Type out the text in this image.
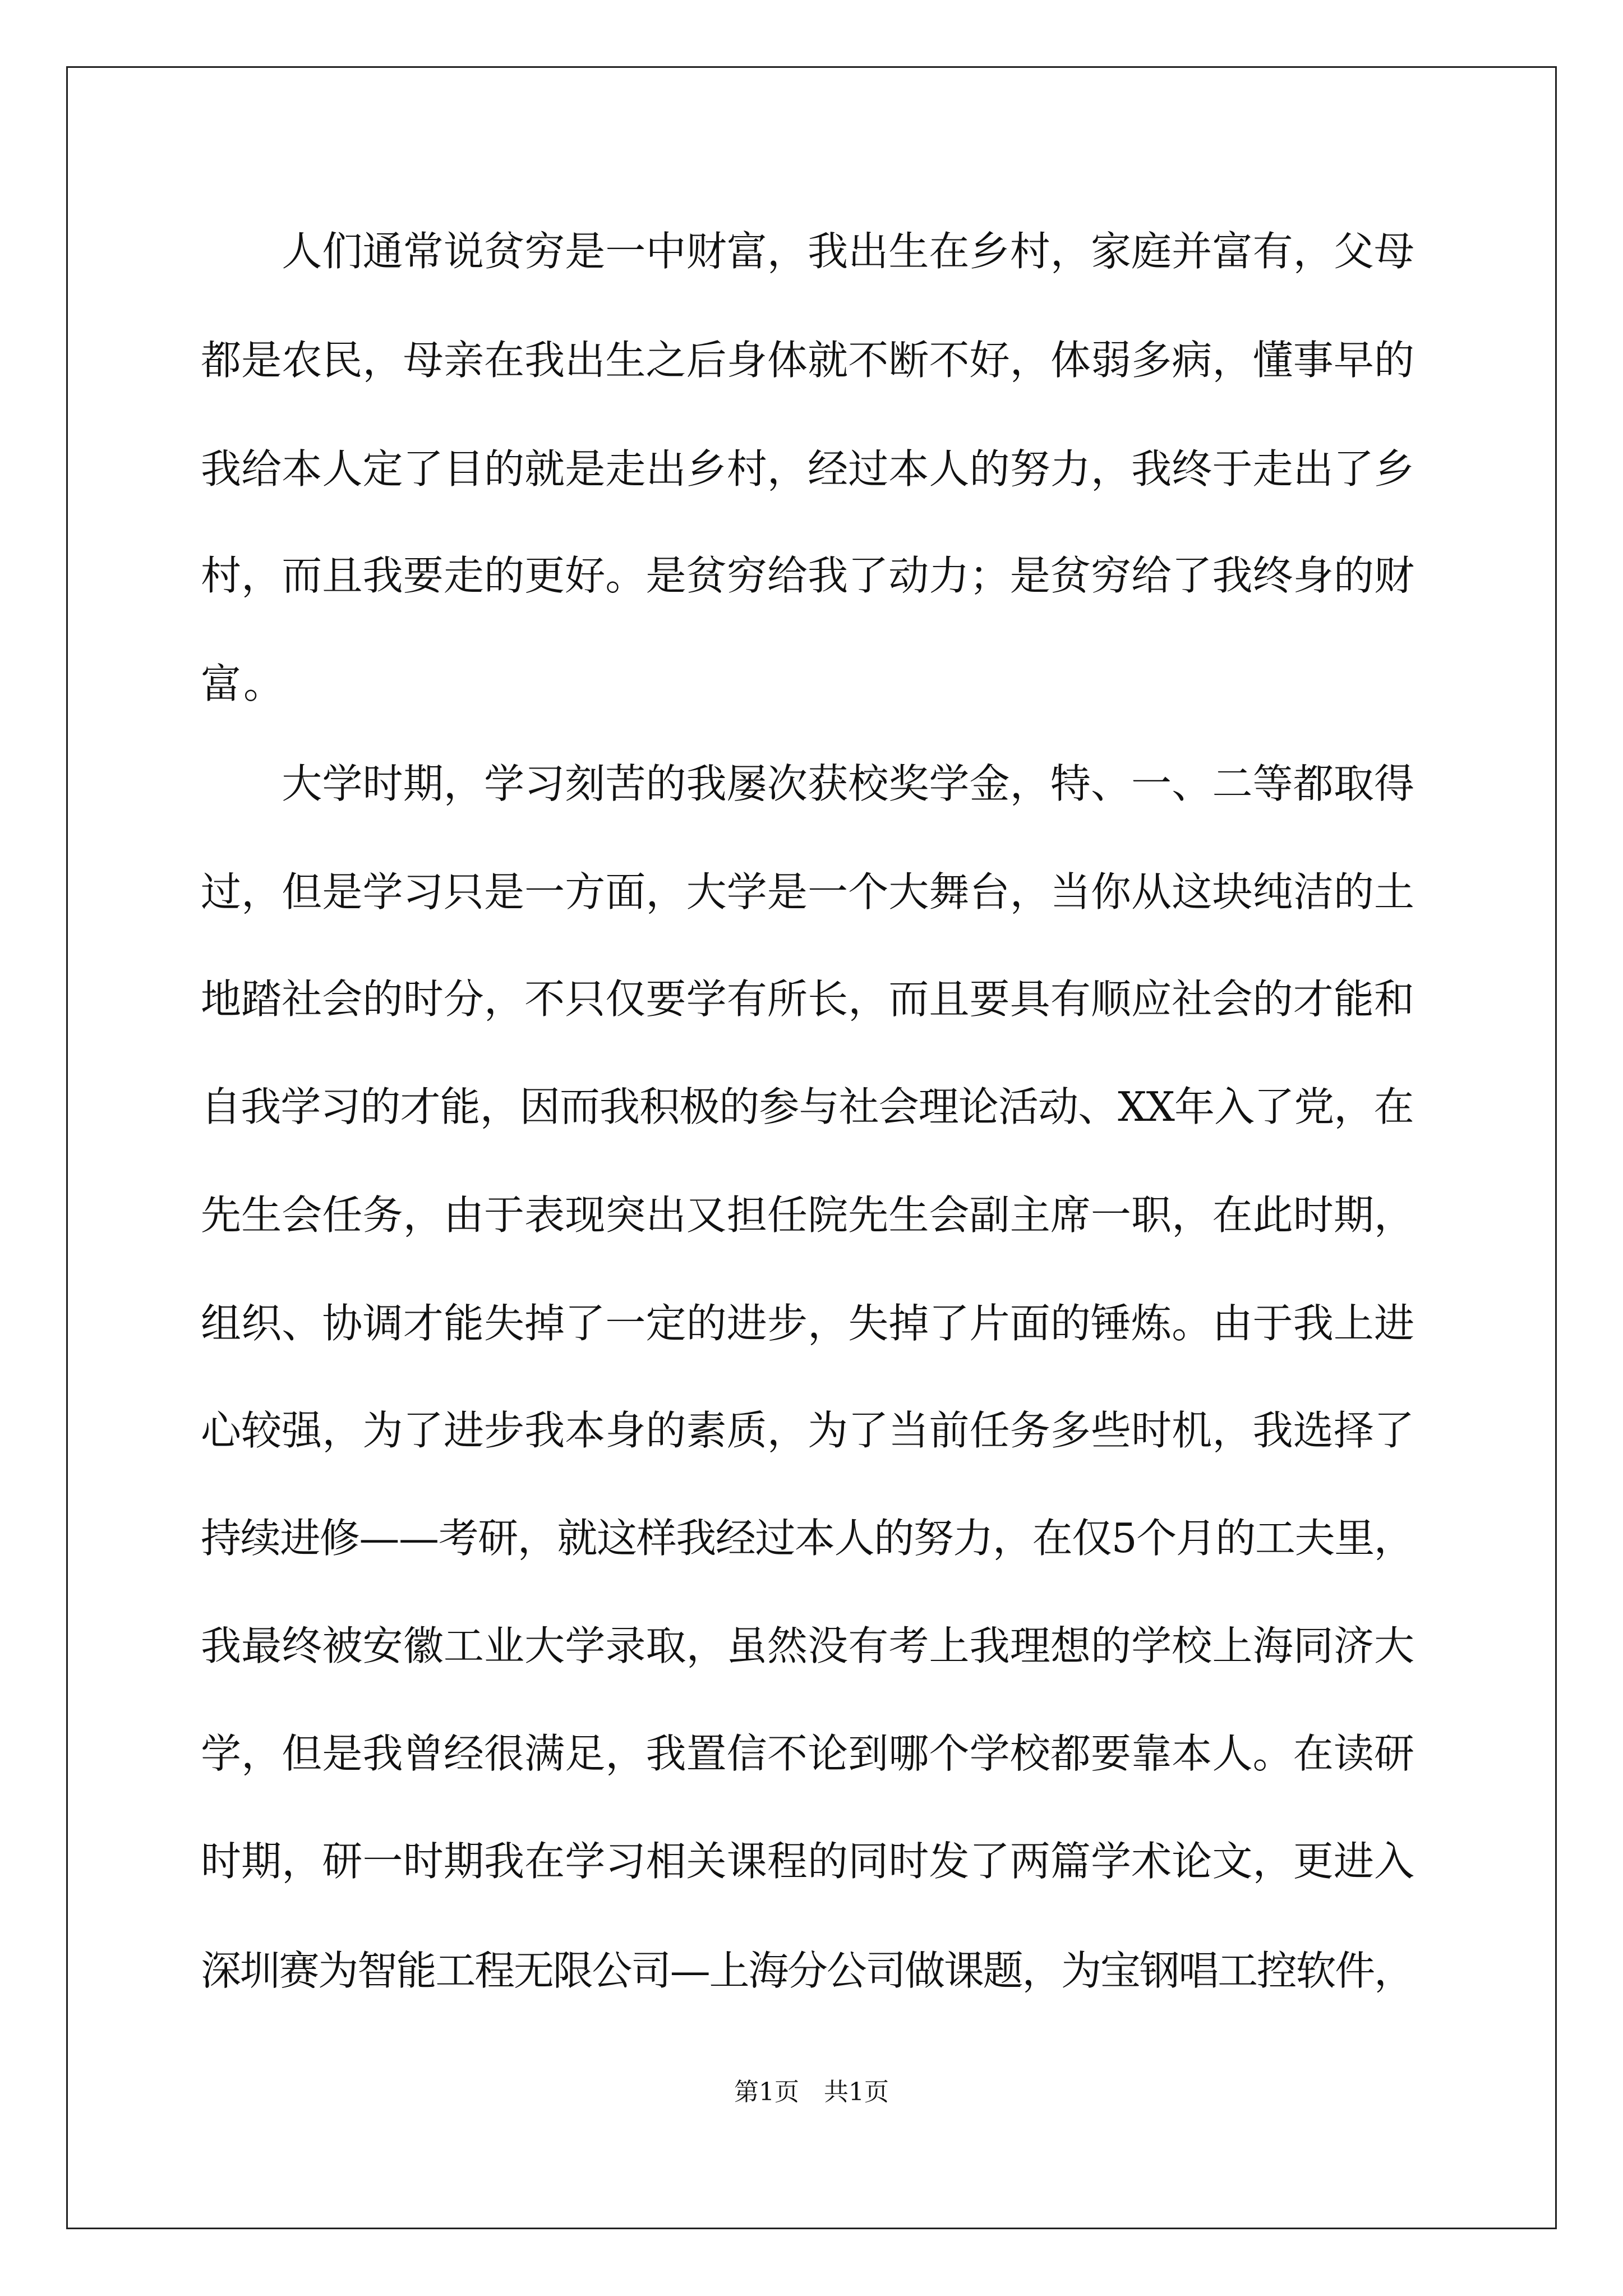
　　人们通常说贫穷是一中财富，我出生在乡村，家庭并富有，父母
都是农民，母亲在我出生之后身体就不断不好，体弱多病，懂事早的
我给本人定了目的就是走出乡村，经过本人的努力，我终于走出了乡
村，而且我要走的更好。是贫穷给我了动力；是贫穷给了我终身的财
富。
　　大学时期，学习刻苦的我屡次获校奖学金，特、一、二等都取得
过，但是学习只是一方面，大学是一个大舞台，当你从这块纯洁的土
地踏社会的时分，不只仅要学有所长，而且要具有顺应社会的才能和
自我学习的才能，因而我积极的参与社会理论活动、XX年入了党，在
先生会任务，由于表现突出又担任院先生会副主席一职，在此时期，
组织、协调才能失掉了一定的进步，失掉了片面的锤炼。由于我上进
心较强，为了进步我本身的素质，为了当前任务多些时机，我选择了
持续进修——考研，就这样我经过本人的努力，在仅5个月的工夫里，
我最终被安徽工业大学录取，虽然没有考上我理想的学校上海同济大
学，但是我曾经很满足，我置信不论到哪个学校都要靠本人。在读研
时期，研一时期我在学习相关课程的同时发了两篇学术论文，更进入
深圳赛为智能工程无限公司—上海分公司做课题，为宝钢唱工控软件，
第1页　共1页
